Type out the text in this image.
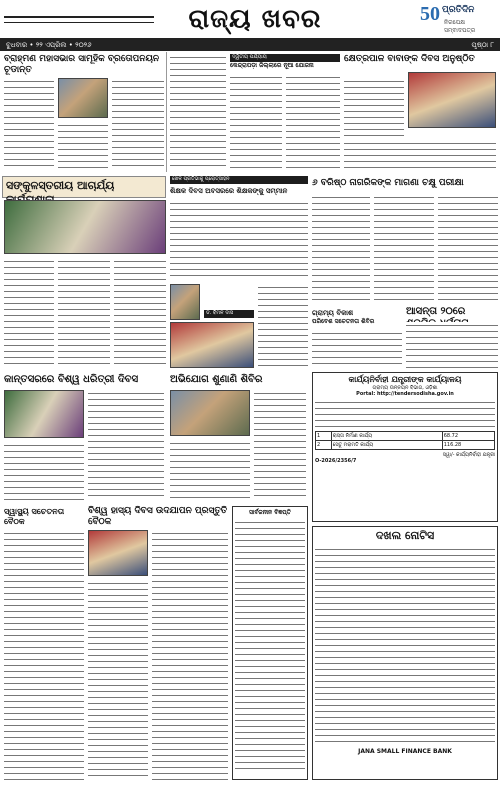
ରାଜ୍ୟ ଖବର	50 ପ୍ରତିଦିନ
ନିରପେକ୍ଷ ସମ୍ବାଦପତ୍ର
ବୁଧବାର • ୨୨ ଏପ୍ରିଲ • ୨୦୨୬	ପୃଷ୍ଠା ୮
ବ୍ରାହ୍ମଣ ମହାସଭାର ସାମୂହିକ ବ୍ରତୋପନୟନ ଚୂଡାନ୍ତ
ଦ୍ୱିତୀୟ ପର୍ଯ୍ୟାୟ
କେନ୍ଦ୍ରାପଡ଼ା ଜିଲ୍ଲାରେ ନୂଆ ଯୋଜନା
କ୍ଷେତ୍ରପାଳ ବାବାଙ୍କ ଦିବସ ଅନୁଷ୍ଠିତ
ସଙ୍କୁଳସ୍ତରୀୟ ଆଚାର୍ଯ୍ୟ	ଖେଳ ପ୍ରତିଭାକୁ ପ୍ରୋତ୍ସାହନ
ଶିକ୍ଷକ ଦିବସ ଅବସରରେ ଶିକ୍ଷକଙ୍କୁ ସମ୍ମାନ
ଡ. ବିମଳ ଦାସ
୬ ବରିଷ୍ଠ ନାଗରିକଙ୍କ ମାଗଣା ଚକ୍ଷୁ ପରୀକ୍ଷା
ଗ୍ରାମ୍ୟ ବିକାଶ
ପରିବେଶ ସଚେତନତା ଶିବିର
ଆସନ୍ତା ୨୦ରେ
କାନ୍ତସରରେ ବିଶ୍ୱ ଧରିତ୍ରୀ ଦିବସ	ଅଭିଯୋଗ ଶୁଣାଣି ଶିବିର	କାର୍ଯ୍ୟନିର୍ବାହୀ ଯନ୍ତ୍ରୀଙ୍କ କାର୍ଯ୍ୟାଳୟ
ଗ୍ରାମ୍ୟ ଉନ୍ନୟନ ବିଭାଗ, ଓଡ଼ିଶା
Portal: http://tendersodisha.gov.in
1	ରାସ୍ତା ନିର୍ମାଣ କାର୍ଯ୍ୟ	68.72
2	ସେତୁ ମରାମତି କାର୍ଯ୍ୟ	116.28
ସ୍ୱା/- କାର୍ଯ୍ୟନିର୍ବାହୀ ଯନ୍ତ୍ରୀ
O-2026/2356/7
ସ୍ୱାସ୍ଥ୍ୟ ସଚେତନତା ବୈଠକ
ବିଶ୍ୱ ହାସ୍ୟ ଦିବସ ଉଦଯାପନ ପ୍ରସ୍ତୁତି ବୈଠକ
ସାର୍ବଜନୀନ ବିଜ୍ଞପ୍ତି
ଦଖଲ ନୋଟିସ
JANA SMALL FINANCE BANK
